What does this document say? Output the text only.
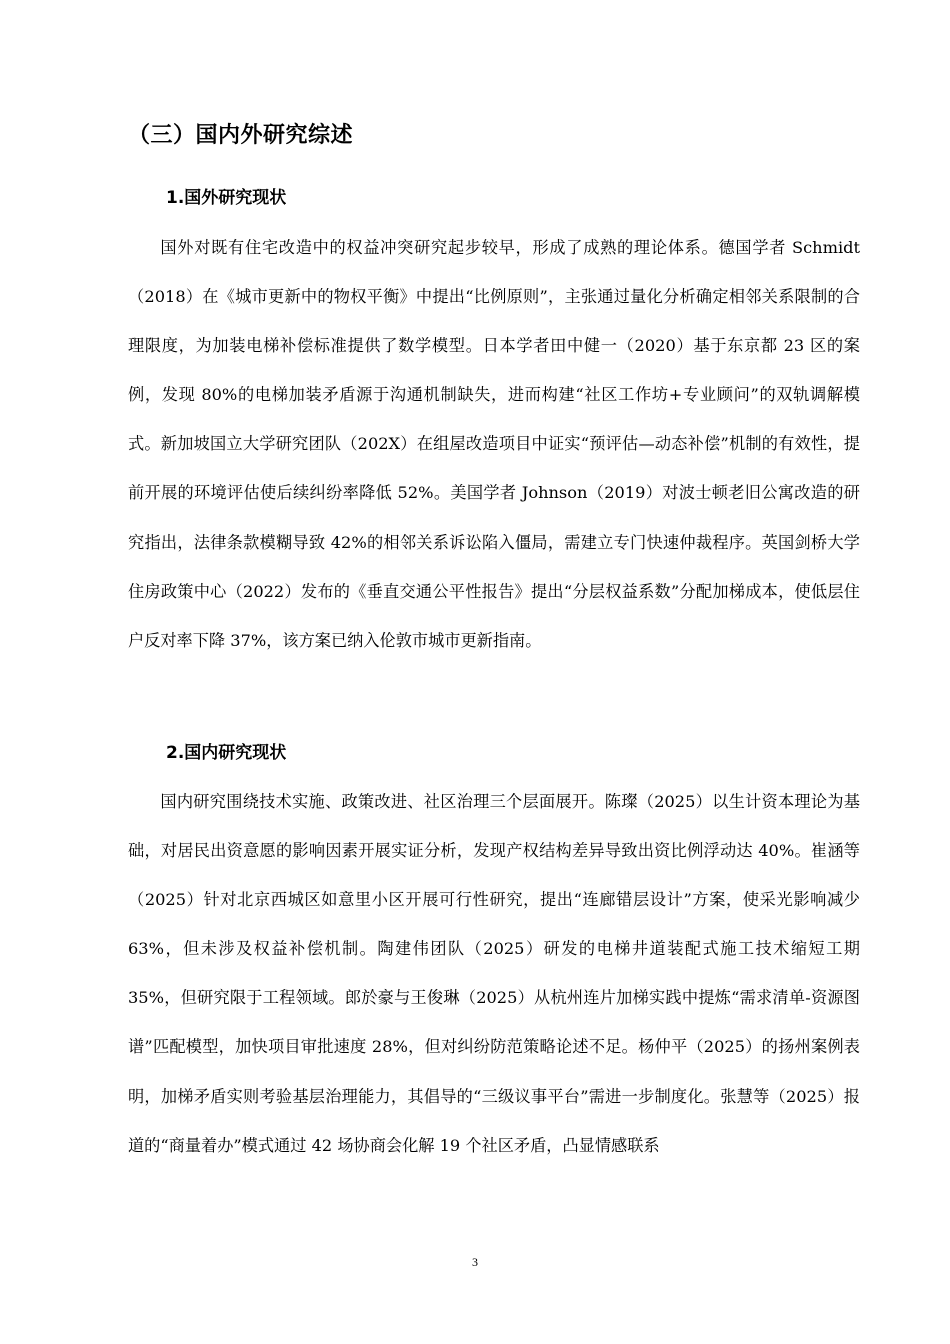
（三）国内外研究综述
1.国外研究现状

国外对既有住宅改造中的权益冲突研究起步较早，形成了成熟的理论体系。德国学者 Schmidt（2018）在《城市更新中的物权平衡》中提出“比例原则”，主张通过量化分析确定相邻关系限制的合理限度，为加装电梯补偿标准提供了数学模型。日本学者田中健一（2020）基于东京都 23 区的案例，发现 80%的电梯加装矛盾源于沟通机制缺失，进而构建“社区工作坊+专业顾问”的双轨调解模式。新加坡国立大学研究团队（202X）在组屋改造项目中证实“预评估—动态补偿”机制的有效性，提前开展的环境评估使后续纠纷率降低 52%。美国学者 Johnson（2019）对波士顿老旧公寓改造的研究指出，法律条款模糊导致 42%的相邻关系诉讼陷入僵局，需建立专门快速仲裁程序。英国剑桥大学住房政策中心（2022）发布的《垂直交通公平性报告》提出“分层权益系数”分配加梯成本，使低层住户反对率下降 37%，该方案已纳入伦敦市城市更新指南。

2.国内研究现状

国内研究围绕技术实施、政策改进、社区治理三个层面展开。陈璨（2025）以生计资本理论为基础，对居民出资意愿的影响因素开展实证分析，发现产权结构差异导致出资比例浮动达 40%。崔涵等（2025）针对北京西城区如意里小区开展可行性研究，提出“连廊错层设计”方案，使采光影响减少 63%，但未涉及权益补偿机制。陶建伟团队（2025）研发的电梯井道装配式施工技术缩短工期 35%，但研究限于工程领域。郎於豪与王俊琳（2025）从杭州连片加梯实践中提炼“需求清单-资源图谱”匹配模型，加快项目审批速度 28%，但对纠纷防范策略论述不足。杨仲平（2025）的扬州案例表明，加梯矛盾实则考验基层治理能力，其倡导的“三级议事平台”需进一步制度化。张慧等（2025）报道的“商量着办”模式通过 42 场协商会化解 19 个社区矛盾，凸显情感联系

3
